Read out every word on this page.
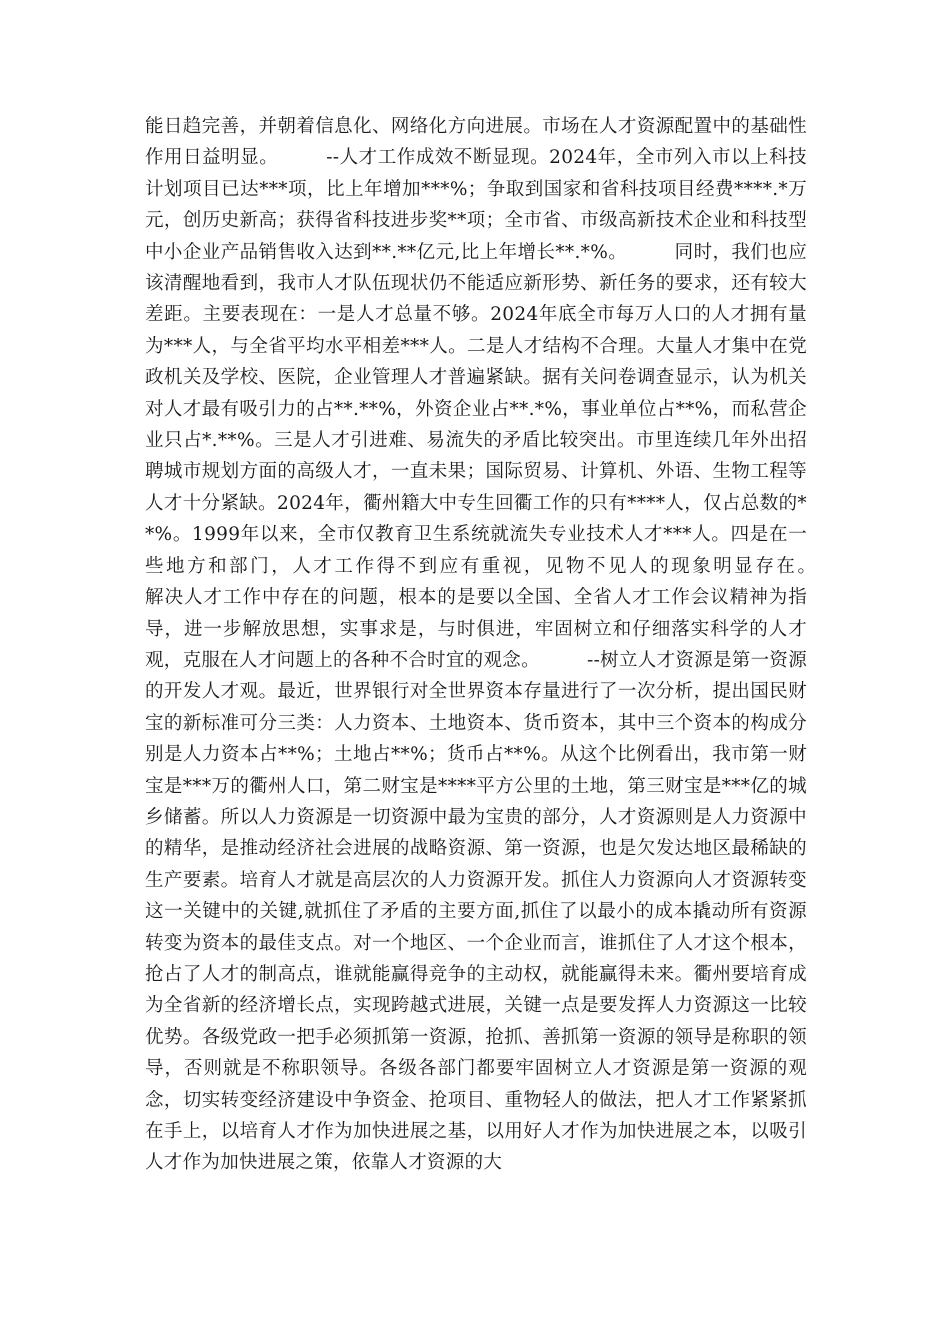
能日趋完善，并朝着信息化、网络化方向进展。市场在人才资源配置中的基础性作用日益明显。　　　--人才工作成效不断显现。2024年，全市列入市以上科技计划项目已达***项，比上年增加***%；争取到国家和省科技项目经费****.*万元，创历史新高；获得省科技进步奖**项；全市省、市级高新技术企业和科技型中小企业产品销售收入达到**.**亿元,比上年增长**.*%。　　　同时，我们也应该清醒地看到，我市人才队伍现状仍不能适应新形势、新任务的要求，还有较大差距。主要表现在：一是人才总量不够。2024年底全市每万人口的人才拥有量为***人，与全省平均水平相差***人。二是人才结构不合理。大量人才集中在党政机关及学校、医院，企业管理人才普遍紧缺。据有关问卷调查显示，认为机关对人才最有吸引力的占**.**%，外资企业占**.*%，事业单位占**%，而私营企业只占*.**%。三是人才引进难、易流失的矛盾比较突出。市里连续几年外出招聘城市规划方面的高级人才，一直未果；国际贸易、计算机、外语、生物工程等人才十分紧缺。2024年，衢州籍大中专生回衢工作的只有****人，仅占总数的**%。1999年以来，全市仅教育卫生系统就流失专业技术人才***人。四是在一些地方和部门，人才工作得不到应有重视，见物不见人的现象明显存在。　　　解决人才工作中存在的问题，根本的是要以全国、全省人才工作会议精神为指导，进一步解放思想，实事求是，与时俱进，牢固树立和仔细落实科学的人才观，克服在人才问题上的各种不合时宜的观念。　　　--树立人才资源是第一资源的开发人才观。最近，世界银行对全世界资本存量进行了一次分析，提出国民财宝的新标准可分三类：人力资本、土地资本、货币资本，其中三个资本的构成分别是人力资本占**%；土地占**%；货币占**%。从这个比例看出，我市第一财宝是***万的衢州人口，第二财宝是****平方公里的土地，第三财宝是***亿的城乡储蓄。所以人力资源是一切资源中最为宝贵的部分，人才资源则是人力资源中的精华，是推动经济社会进展的战略资源、第一资源，也是欠发达地区最稀缺的生产要素。培育人才就是高层次的人力资源开发。抓住人力资源向人才资源转变这一关键中的关键,就抓住了矛盾的主要方面,抓住了以最小的成本撬动所有资源转变为资本的最佳支点。对一个地区、一个企业而言，谁抓住了人才这个根本，抢占了人才的制高点，谁就能赢得竞争的主动权，就能赢得未来。衢州要培育成为全省新的经济增长点，实现跨越式进展，关键一点是要发挥人力资源这一比较优势。各级党政一把手必须抓第一资源，抢抓、善抓第一资源的领导是称职的领导，否则就是不称职领导。各级各部门都要牢固树立人才资源是第一资源的观念，切实转变经济建设中争资金、抢项目、重物轻人的做法，把人才工作紧紧抓在手上，以培育人才作为加快进展之基，以用好人才作为加快进展之本，以吸引人才作为加快进展之策，依靠人才资源的大
